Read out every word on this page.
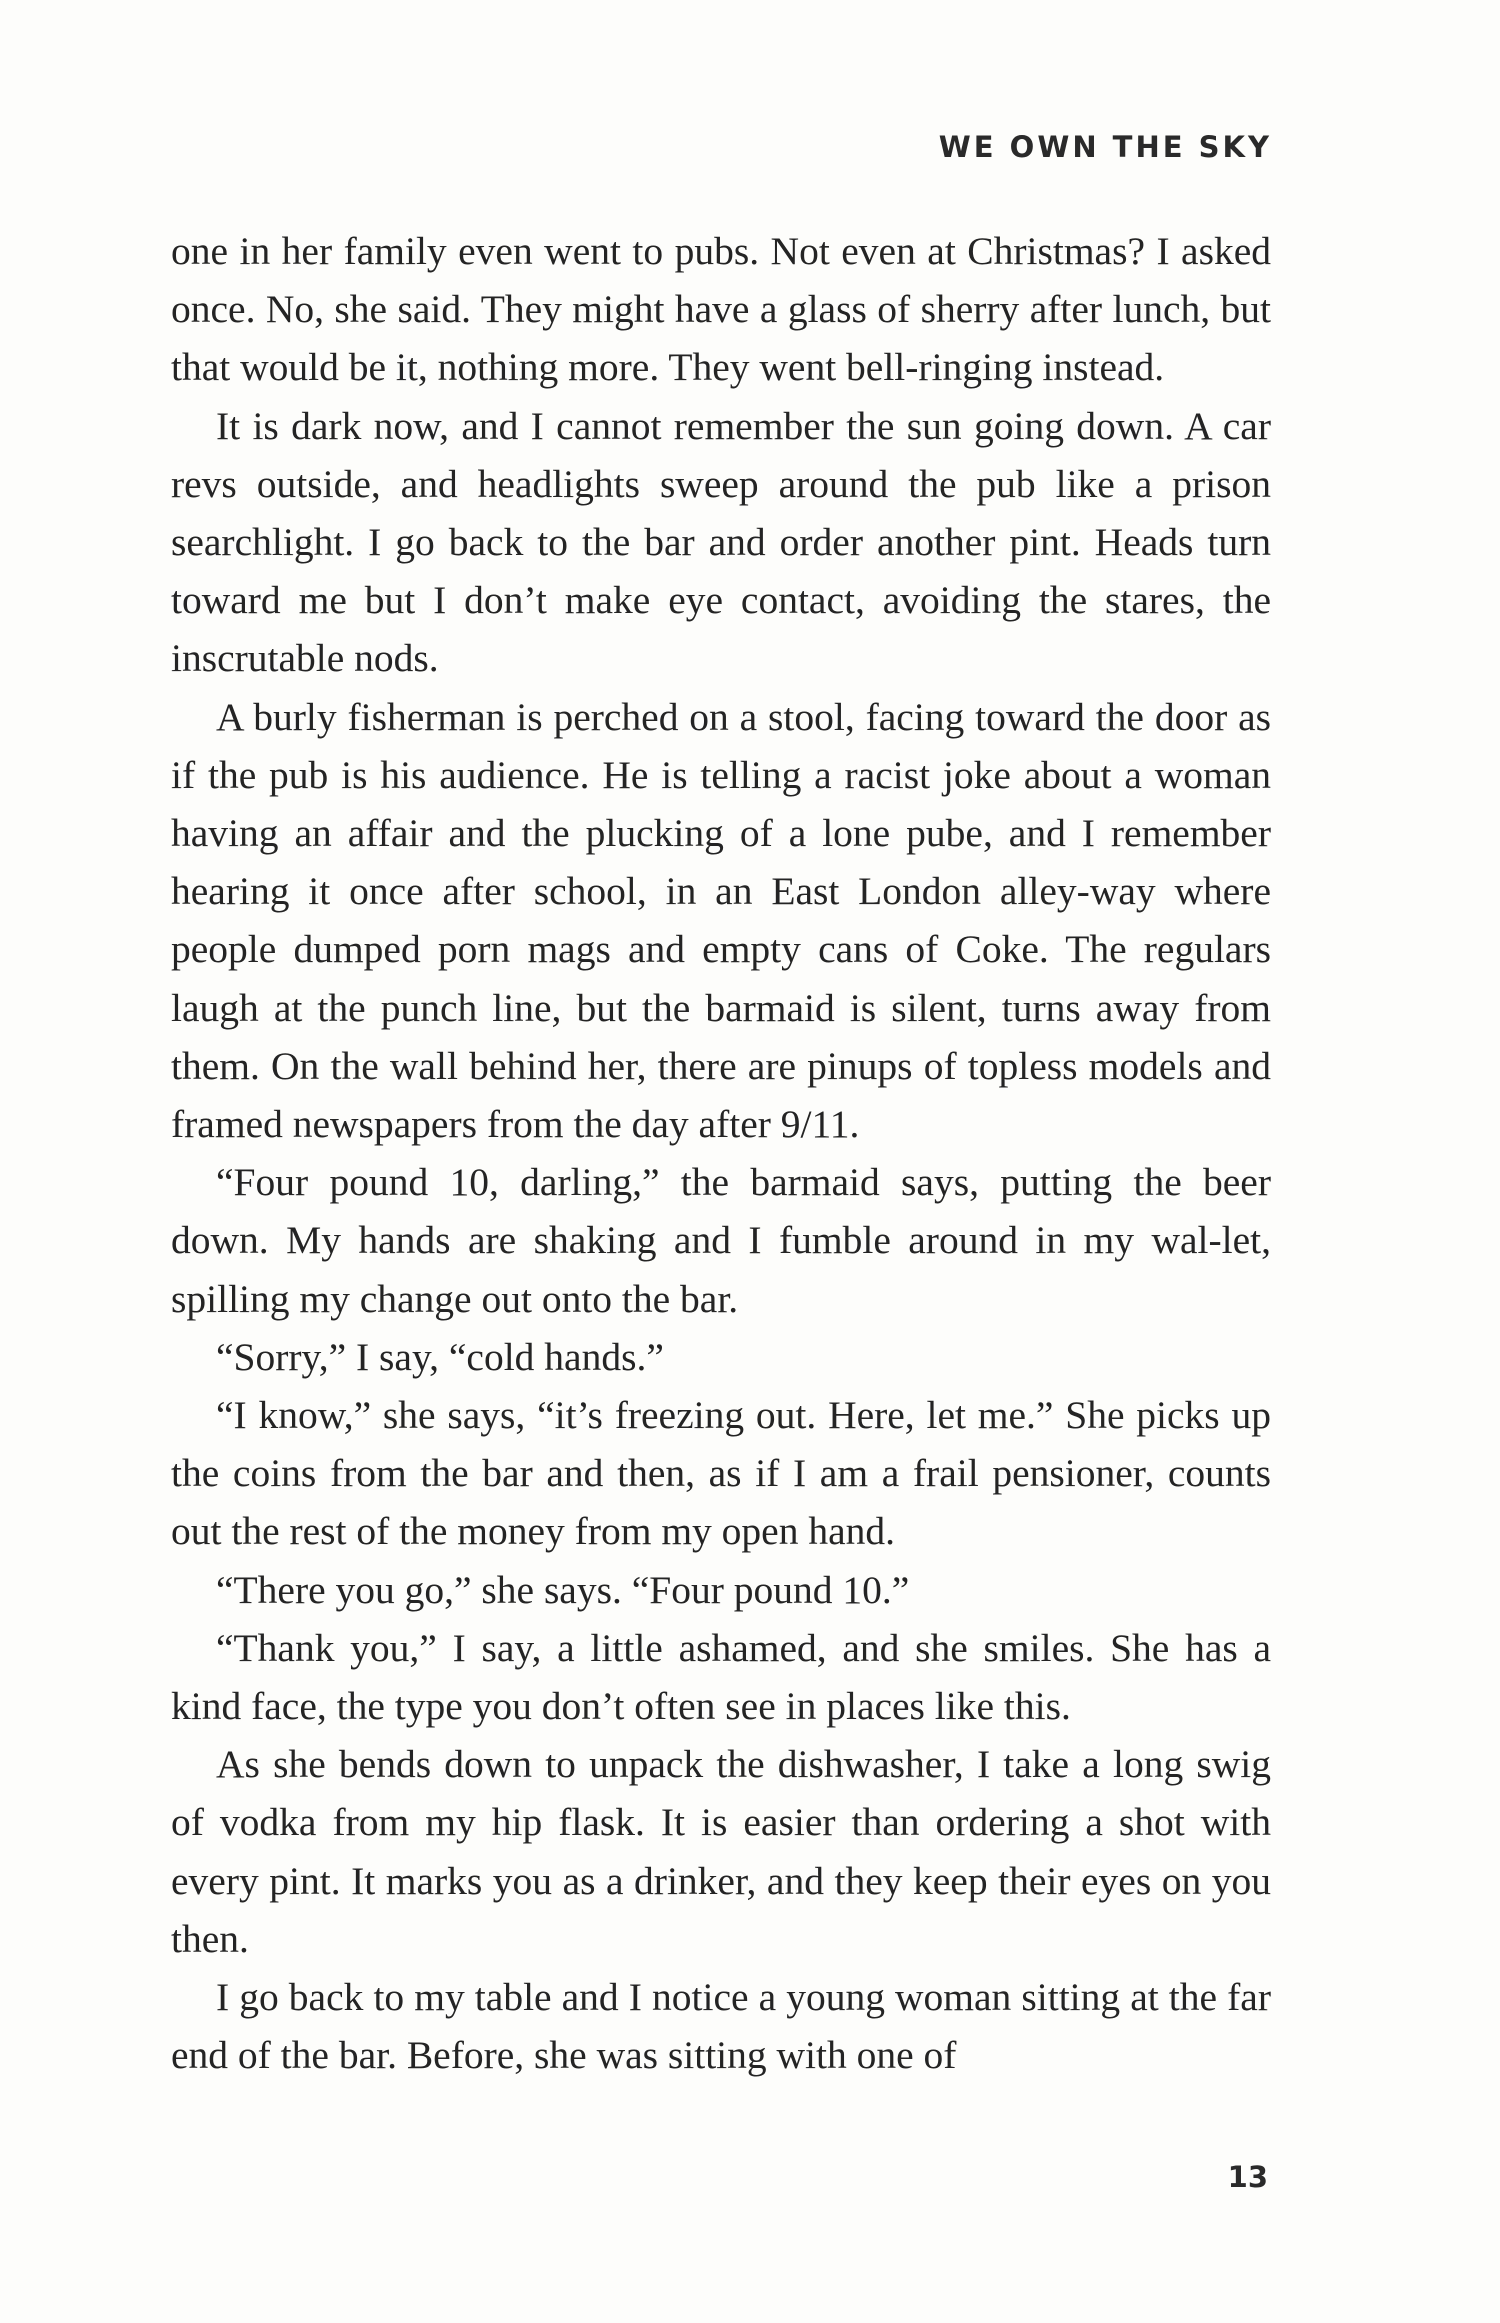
WE OWN THE SKY

one in her family even went to pubs. Not even at Christmas? I asked once. No, she said. They might have a glass of sherry after lunch, but that would be it, nothing more. They went bell-ringing instead.

It is dark now, and I cannot remember the sun going down. A car revs outside, and headlights sweep around the pub like a prison searchlight. I go back to the bar and order another pint. Heads turn toward me but I don’t make eye contact, avoiding the stares, the inscrutable nods.

A burly fisherman is perched on a stool, facing toward the door as if the pub is his audience. He is telling a racist joke about a woman having an affair and the plucking of a lone pube, and I remember hearing it once after school, in an East London alley-way where people dumped porn mags and empty cans of Coke. The regulars laugh at the punch line, but the barmaid is silent, turns away from them. On the wall behind her, there are pinups of topless models and framed newspapers from the day after 9/11.

“Four pound 10, darling,” the barmaid says, putting the beer down. My hands are shaking and I fumble around in my wal-let, spilling my change out onto the bar.

“Sorry,” I say, “cold hands.”

“I know,” she says, “it’s freezing out. Here, let me.” She picks up the coins from the bar and then, as if I am a frail pensioner, counts out the rest of the money from my open hand.

“There you go,” she says. “Four pound 10.”

“Thank you,” I say, a little ashamed, and she smiles. She has a kind face, the type you don’t often see in places like this.

As she bends down to unpack the dishwasher, I take a long swig of vodka from my hip flask. It is easier than ordering a shot with every pint. It marks you as a drinker, and they keep their eyes on you then.

I go back to my table and I notice a young woman sitting at the far end of the bar. Before, she was sitting with one of

13
